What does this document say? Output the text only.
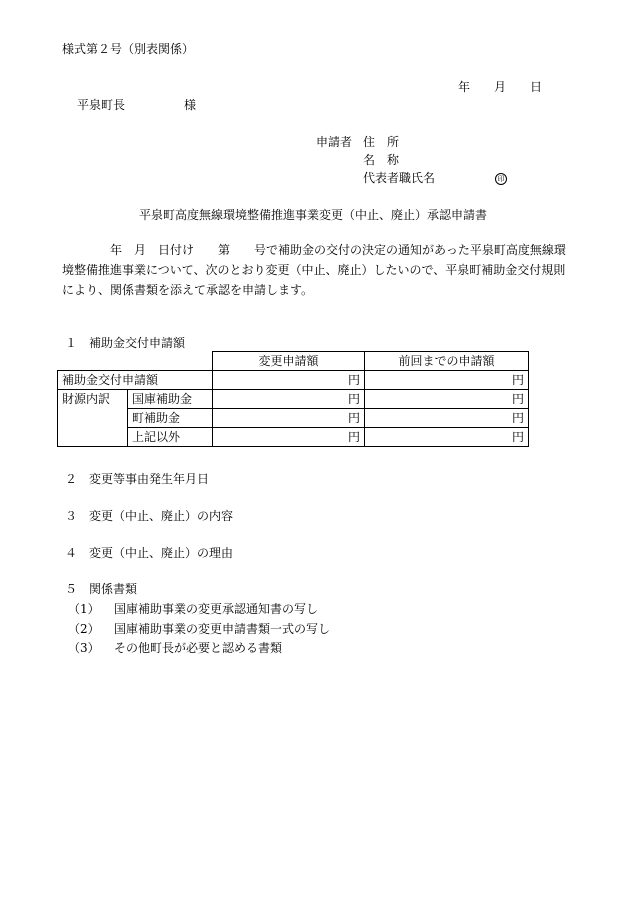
様式第２号（別表関係）
年 月 日
平泉町長	様
申請者 住　所
名　称
代表者職氏名	印
平泉町高度無線環境整備推進事業変更（中止、廃止）承認申請書
年　月　日付け　　第　　号で補助金の交付の決定の通知があった平泉町高度無線環
境整備推進事業について、次のとおり変更（中止、廃止）したいので、平泉町補助金交付規則
により、関係書類を添えて承認を申請します。
１　補助金交付申請額
		変更申請額	前回までの申請額
補助金交付申請額		円	円
財源内訳	国庫補助金	円	円
	町補助金	円	円
	上記以外	円	円
２　変更等事由発生年月日
３　変更（中止、廃止）の内容
４　変更（中止、廃止）の理由
５　関係書類
（1） 国庫補助事業の変更承認通知書の写し
（2） 国庫補助事業の変更申請書類一式の写し
（3） その他町長が必要と認める書類
